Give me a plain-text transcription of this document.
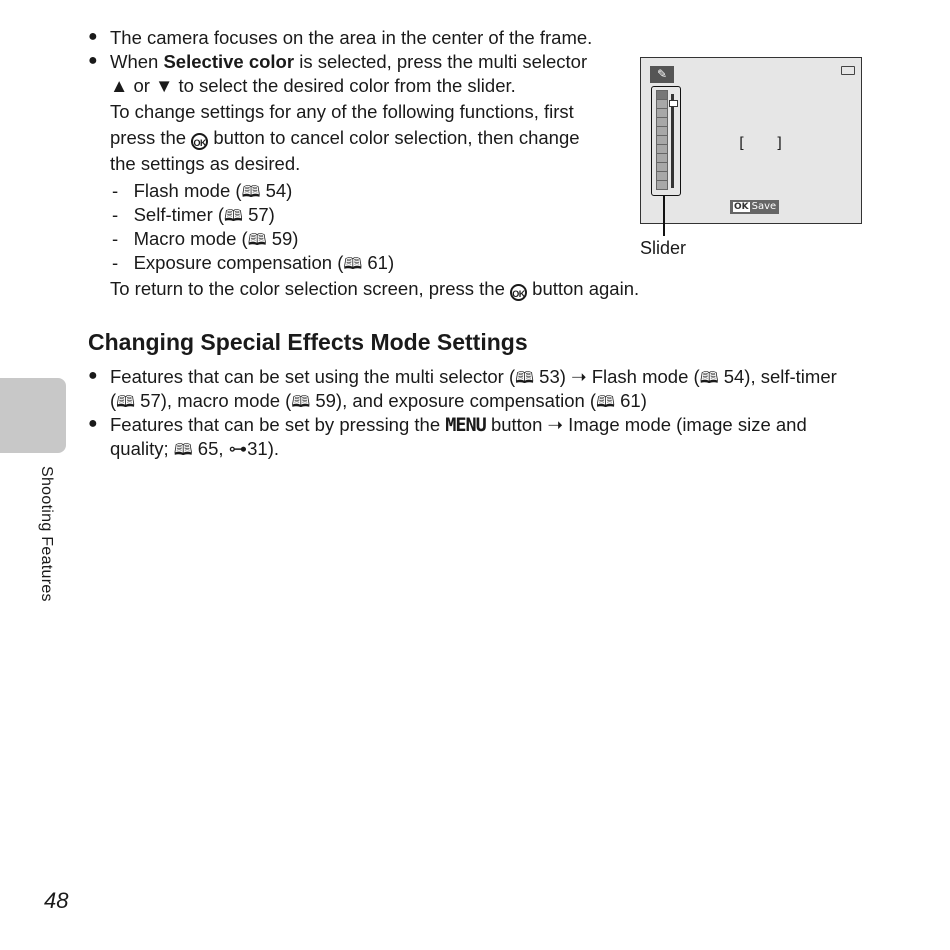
● The camera focuses on the area in the center of the frame.
● When Selective color is selected, press the multi selector
▲ or ▼ to select the desired color from the slider.
To change settings for any of the following functions, first
press the OK button to cancel color selection, then change
the settings as desired.
-   Flash mode (🕮 54)
-   Self-timer (🕮 57)
-   Macro mode (🕮 59)
-   Exposure compensation (🕮 61)
To return to the color selection screen, press the OK button again.
✎
[ ]
OK Save
Slider
Changing Special Effects Mode Settings
● Features that can be set using the multi selector (🕮 53) ➝ Flash mode (🕮 54), self-timer
(🕮 57), macro mode (🕮 59), and exposure compensation (🕮 61)
● Features that can be set by pressing the MENU button ➝ Image mode (image size and
quality; 🕮 65, ⊶31).
Shooting Features
48
